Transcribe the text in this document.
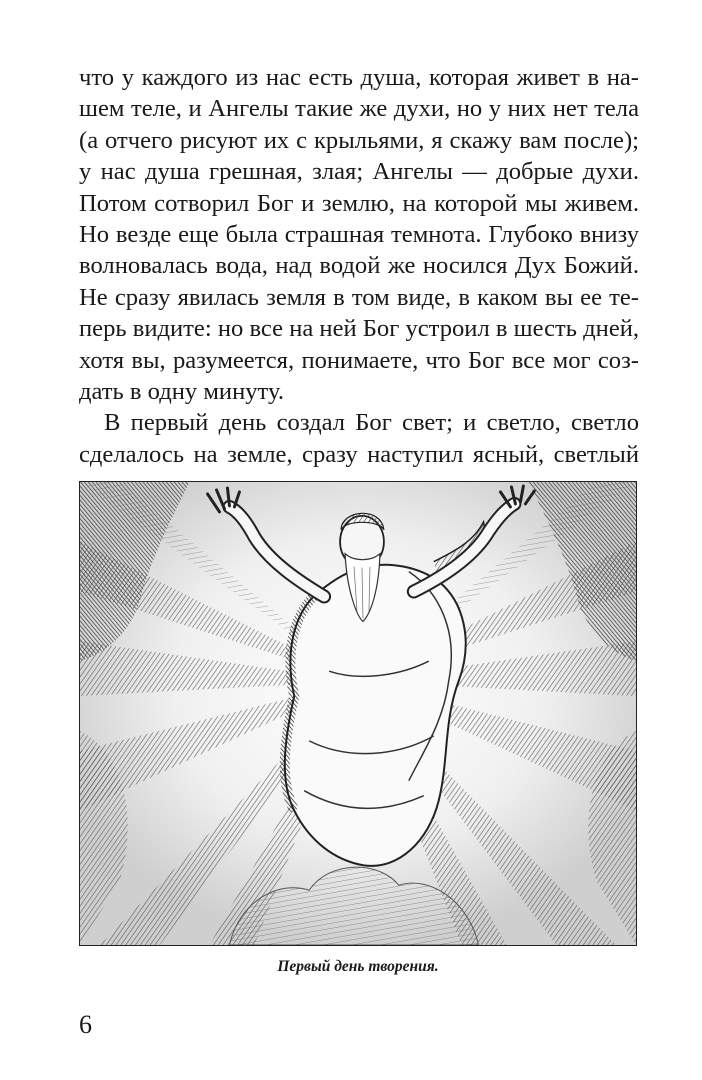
что у каждого из нас есть душа, которая живет в на-
шем теле, и Ангелы такие же духи, но у них нет тела
(а отчего рисуют их с крыльями, я скажу вам после);
у нас душа грешная, злая; Ангелы — добрые духи.
Потом сотворил Бог и землю, на которой мы живем.
Но везде еще была страшная темнота. Глубоко внизу
волновалась вода, над водой же носился Дух Божий.
Не сразу явилась земля в том виде, в каком вы ее те-
перь видите: но все на ней Бог устроил в шесть дней,
хотя вы, разумеется, понимаете, что Бог все мог соз-
дать в одну минуту.
В первый день создал Бог свет; и светло, светло
сделалось на земле, сразу наступил ясный, светлый
Первый день творения.
6
